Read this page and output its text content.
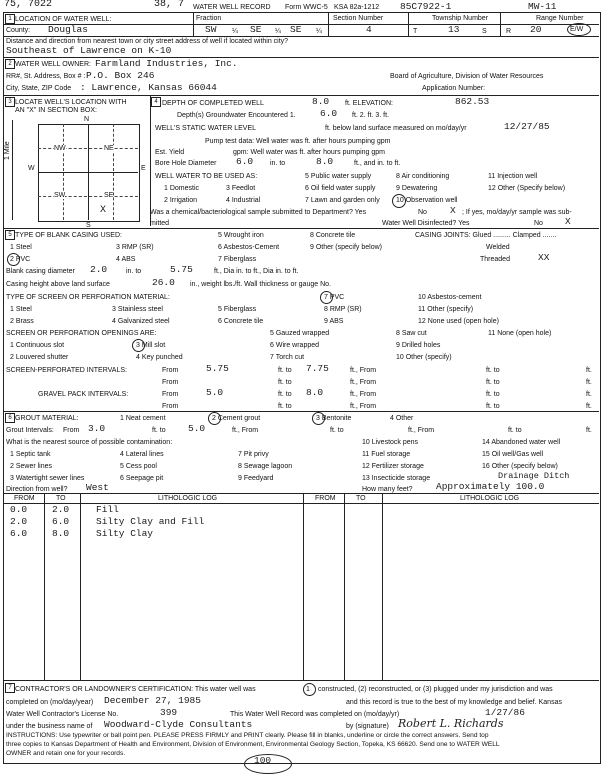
75, 7022	38, 7 WATER WELL RECORD Form WWC-5 KSA 82a-1212 85C7922-1	MW-11
1 LOCATION OF WATER WELL:	Fraction	Section Number	Township Number	Range Number
County: Douglas	SW ¼ SE ¼ SE ¼	4	T	13	S	R 20	E/W
Distance and direction from nearest town or city street address of well if located within city?
Southeast of Lawrence on K-10
2 WATER WELL OWNER: Farmland Industries, Inc.
RR#, St. Address, Box # : P.O. Box 246	Board of Agriculture, Division of Water Resources
City, State, ZIP Code : Lawrence, Kansas 66044	Application Number:
3 LOCATE WELL'S LOCATION WITH
AN "X" IN SECTION BOX:
N
W	E
S
1 Mile	NW	NE
SW	SE
X
4 DEPTH OF COMPLETED WELL	8.0 ft. ELEVATION:	862.53
Depth(s) Groundwater Encountered 1.	6.0 ft. 2. ft. 3. ft.
WELL'S STATIC WATER LEVEL	ft. below land surface measured on mo/day/yr	12/27/85
Pump test data: Well water was ft. after hours pumping gpm
Est. Yield	gpm: Well water was ft. after hours pumping gpm
Bore Hole Diameter 6.0 in. to	8.0	ft., and in. to ft.
WELL WATER TO BE USED AS:	5 Public water supply	8 Air conditioning	11 Injection well
1 Domestic	3 Feedlot	6 Oil field water supply	9 Dewatering	12 Other (Specify below)
2 Irrigation	4 Industrial	7 Lawn and garden only 10 Observation well
Was a chemical/bacteriological sample submitted to Department? Yes	No X ; If yes, mo/day/yr sample was sub-
mitted	Water Well Disinfected? Yes	No X
5 TYPE OF BLANK CASING USED:	5 Wrought iron	8 Concrete tile	CASING JOINTS: Glued ......... Clamped .......
1 Steel	3 RMP (SR)	6 Asbestos-Cement	9 Other (specify below)	Welded
2 PVC	4 ABS	7 Fiberglass	Threaded	XX
Blank casing diameter 2.0	in. to	5.75	ft., Dia in. to ft., Dia in. to ft.
Casing height above land surface	26.0 in., weight lbs./ft. Wall thickness or gauge No.
TYPE OF SCREEN OR PERFORATION MATERIAL:	7 PVC	10 Asbestos-cement
1 Steel	3 Stainless steel	5 Fiberglass	8 RMP (SR)	11 Other (specify)
2 Brass	4 Galvanized steel	6 Concrete tile	9 ABS	12 None used (open hole)
SCREEN OR PERFORATION OPENINGS ARE:	5 Gauzed wrapped	8 Saw cut	11 None (open hole)
1 Continuous slot	3 Mill slot	6 Wire wrapped	9 Drilled holes
2 Louvered shutter	4 Key punched	7 Torch cut	10 Other (specify)
SCREEN-PERFORATED INTERVALS:	From	5.75	ft. to 7.75	ft., From	ft. to	ft.
From	ft. to	ft., From	ft. to	ft.
GRAVEL PACK INTERVALS:	From	5.0	ft. to 8.0	ft., From	ft. to	ft.
From	ft. to	ft., From	ft. to	ft.
6 GROUT MATERIAL:	1 Neat cement	2 Cement grout	3 Bentonite	4 Other
Grout Intervals: From 3.0	ft. to 5.0	ft., From	ft. to	ft., From	ft. to	ft.
What is the nearest source of possible contamination:	10 Livestock pens	14 Abandoned water well
1 Septic tank	4 Lateral lines	7 Pit privy	11 Fuel storage	15 Oil well/Gas well
2 Sewer lines	5 Cess pool	8 Sewage lagoon	12 Fertilizer storage	16 Other (specify below)
3 Watertight sewer lines	6 Seepage pit	9 Feedyard	13 Insecticide storage	Drainage Ditch
Direction from well? West	How many feet? Approximately 100.0
FROM	TO	LITHOLOGIC LOG	FROM	TO	LITHOLOGIC LOG
0.0	2.0	Fill
2.0	6.0	Silty Clay and Fill
6.0	8.0	Silty Clay
7 CONTRACTOR'S OR LANDOWNER'S CERTIFICATION: This water well was	1 constructed, (2) reconstructed, or (3) plugged under my jurisdiction and was
completed on (mo/day/year) December 27, 1985	and this record is true to the best of my knowledge and belief. Kansas
Water Well Contractor's License No.	399	This Water Well Record was completed on (mo/day/yr)	1/27/86
under the business name of Woodward-Clyde Consultants	by (signature) Robert L. Richards
INSTRUCTIONS: Use typewriter or ball point pen. PLEASE PRESS FIRMLY and PRINT clearly. Please fill in blanks, underline or circle the correct answers. Send top
three copies to Kansas Department of Health and Environment, Division of Environment, Environmental Geology Section, Topeka, KS 66620. Send one to WATER WELL
OWNER and retain one for your records.
100
